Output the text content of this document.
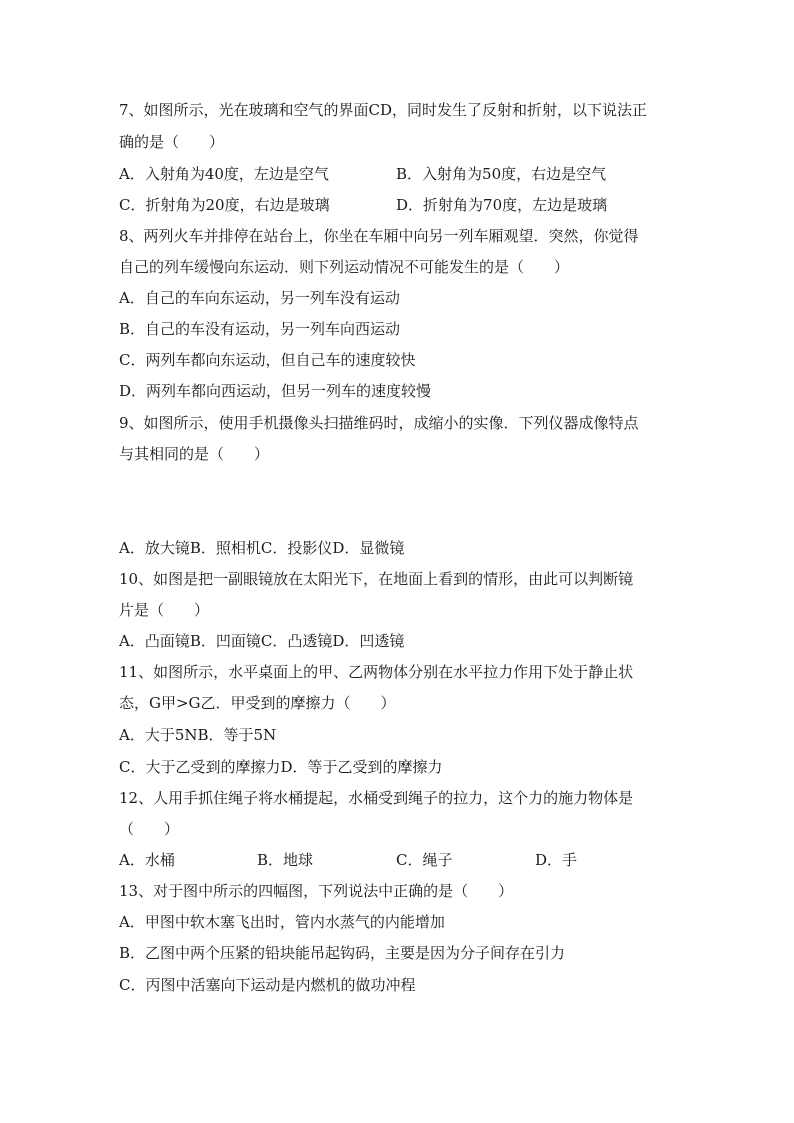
7、如图所示，光在玻璃和空气的界面CD，同时发生了反射和折射，以下说法正
确的是（　　）
A．入射角为40度，左边是空气	B．入射角为50度，右边是空气
C．折射角为20度，右边是玻璃	D．折射角为70度，左边是玻璃
8、两列火车并排停在站台上，你坐在车厢中向另一列车厢观望．突然，你觉得
自己的列车缓慢向东运动．则下列运动情况不可能发生的是（　　）
A．自己的车向东运动，另一列车没有运动
B．自己的车没有运动，另一列车向西运动
C．两列车都向东运动，但自己车的速度较快
D．两列车都向西运动，但另一列车的速度较慢
9、如图所示，使用手机摄像头扫描维码时，成缩小的实像．下列仪器成像特点
与其相同的是（　　）
A．放大镜B．照相机C．投影仪D．显微镜
10、如图是把一副眼镜放在太阳光下，在地面上看到的情形，由此可以判断镜
片是（　　）
A．凸面镜B．凹面镜C．凸透镜D．凹透镜
11、如图所示，水平桌面上的甲、乙两物体分别在水平拉力作用下处于静止状
态，G甲>G乙．甲受到的摩擦力（　　）
A．大于5NB．等于5N
C．大于乙受到的摩擦力D．等于乙受到的摩擦力
12、人用手抓住绳子将水桶提起，水桶受到绳子的拉力，这个力的施力物体是
（　　）
A．水桶	B．地球	C．绳子	D．手
13、对于图中所示的四幅图，下列说法中正确的是（　　）
A．甲图中软木塞飞出时，管内水蒸气的内能增加
B．乙图中两个压紧的铅块能吊起钩码，主要是因为分子间存在引力
C．丙图中活塞向下运动是内燃机的做功冲程
